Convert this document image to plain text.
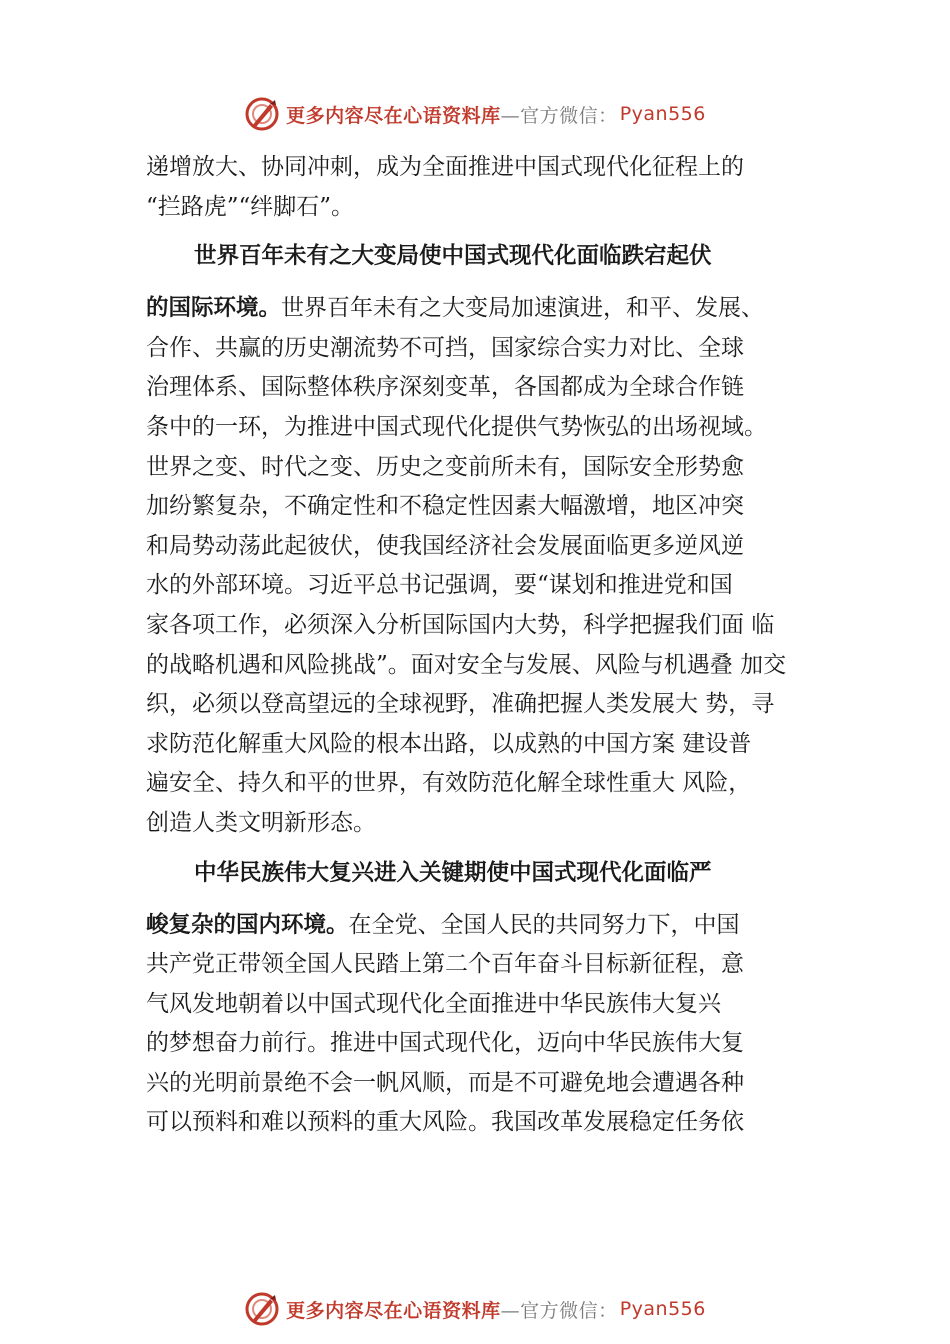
更多内容尽在心语资料库 —官方微信： Pyan556
递增放大、协同冲刺，成为全面推进中国式现代化征程上的
“拦路虎”“绊脚石”。
世界百年未有之大变局使中国式现代化面临跌宕起伏
的国际环境。世界百年未有之大变局加速演进，和平、发展、
合作、共赢的历史潮流势不可挡，国家综合实力对比、全球
治理体系、国际整体秩序深刻变革，各国都成为全球合作链
条中的一环，为推进中国式现代化提供气势恢弘的出场视域。
世界之变、时代之变、历史之变前所未有，国际安全形势愈
加纷繁复杂，不确定性和不稳定性因素大幅激增，地区冲突
和局势动荡此起彼伏，使我国经济社会发展面临更多逆风逆
水的外部环境。习近平总书记强调，要“谋划和推进党和国
家各项工作，必须深入分析国际国内大势，科学把握我们面 临
的战略机遇和风险挑战”。面对安全与发展、风险与机遇叠 加交
织，必须以登高望远的全球视野，准确把握人类发展大 势，寻
求防范化解重大风险的根本出路，以成熟的中国方案 建设普
遍安全、持久和平的世界，有效防范化解全球性重大 风险，
创造人类文明新形态。
中华民族伟大复兴进入关键期使中国式现代化面临严
峻复杂的国内环境。在全党、全国人民的共同努力下，中国
共产党正带领全国人民踏上第二个百年奋斗目标新征程，意
气风发地朝着以中国式现代化全面推进中华民族伟大复兴
的梦想奋力前行。推进中国式现代化，迈向中华民族伟大复
兴的光明前景绝不会一帆风顺，而是不可避免地会遭遇各种
可以预料和难以预料的重大风险。我国改革发展稳定任务依
更多内容尽在心语资料库 —官方微信： Pyan556
